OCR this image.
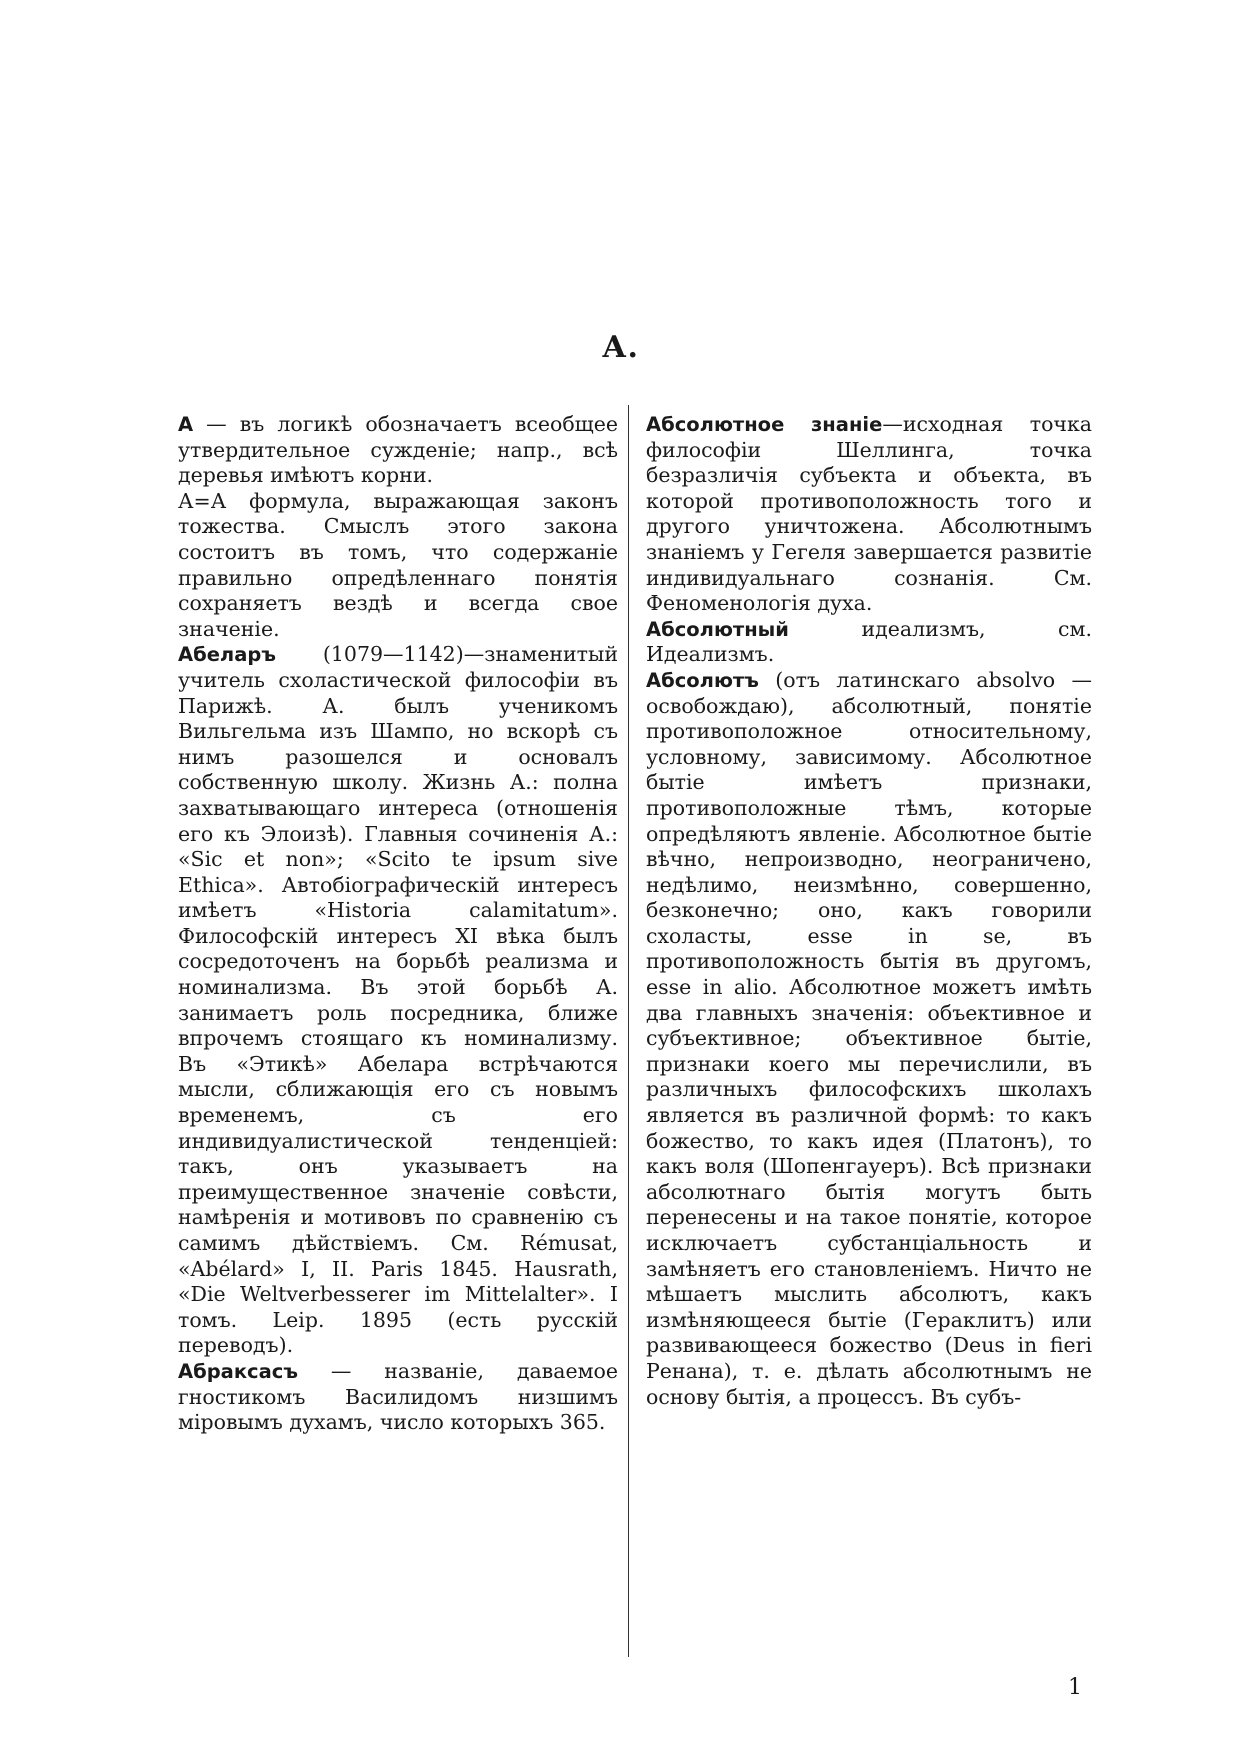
А.

А — въ логикѣ обозначаетъ всеобщее утвердительное сужденіе; напр., всѣ деревья имѣютъ корни.

А=А формула, выражающая законъ тожества. Смыслъ этого закона состоитъ въ томъ, что содержаніе правильно опредѣленнаго понятія сохраняетъ вездѣ и всегда свое значеніе.

Абеларъ (1079—1142)—знаменитый учитель схоластической философіи въ Парижѣ. А. былъ ученикомъ Вильгельма изъ Шампо, но вскорѣ съ нимъ разошелся и основалъ собственную школу. Жизнь А.: полна захватывающаго интереса (отношенія его къ Элоизѣ). Главныя сочиненія А.: «Sic et non»; «Scito te ipsum sive Ethica». Автобіографическій интересъ имѣетъ «Historia calamitatum». Философскій интересъ XI вѣка былъ сосредоточенъ на борьбѣ реализма и номинализма. Въ этой борьбѣ А. занимаетъ роль посредника, ближе впрочемъ стоящаго къ номинализму. Въ «Этикѣ» Абелара встрѣчаются мысли, сближающія его съ новымъ временемъ, съ его индивидуалистической тенденціей: такъ, онъ указываетъ на преимущественное значеніе совѣсти, намѣренія и мотивовъ по сравненію съ самимъ дѣйствіемъ. См. Rémusat, «Abélard» I, II. Paris 1845. Hausrath, «Die Weltverbesserer im Mittelalter». I томъ. Leip. 1895 (есть русскій переводъ).

Абраксасъ — названіе, даваемое гностикомъ Василидомъ низшимъ міровымъ духамъ, число которыхъ 365.

Абсолютное знаніе—исходная точка философіи Шеллинга, точка безразличія субъекта и объекта, въ которой противоположность того и другого уничтожена. Абсолютнымъ знаніемъ у Гегеля завершается развитіе индивидуальнаго сознанія. См. Феноменологія духа.

Абсолютный идеализмъ, см. Идеализмъ.

Абсолютъ (отъ латинскаго absolvo —освобождаю), абсолютный, понятіе противоположное относительному, условному, зависимому. Абсолютное бытіе имѣетъ признаки, противоположные тѣмъ, которые опредѣляютъ явленіе. Абсолютное бытіе вѣчно, непроизводно, неограничено, недѣлимо, неизмѣнно, совершенно, безконечно; оно, какъ говорили схоласты, esse in se, въ противоположность бытія въ другомъ, esse in alio. Абсолютное можетъ имѣть два главныхъ значенія: объективное и субъективное; объективное бытіе, признаки коего мы перечислили, въ различныхъ философскихъ школахъ является въ различной формѣ: то какъ божество, то какъ идея (Платонъ), то какъ воля (Шопенгауеръ). Всѣ признаки абсолютнаго бытія могутъ быть перенесены и на такое понятіе, которое исключаетъ субстанціальность и замѣняетъ его становленіемъ. Ничто не мѣшаетъ мыслить абсолютъ, какъ измѣняющееся бытіе (Гераклитъ) или развивающееся божество (Deus in fieri Ренана), т. е. дѣлать абсолютнымъ не основу бытія, а процессъ. Въ субъ-

1
